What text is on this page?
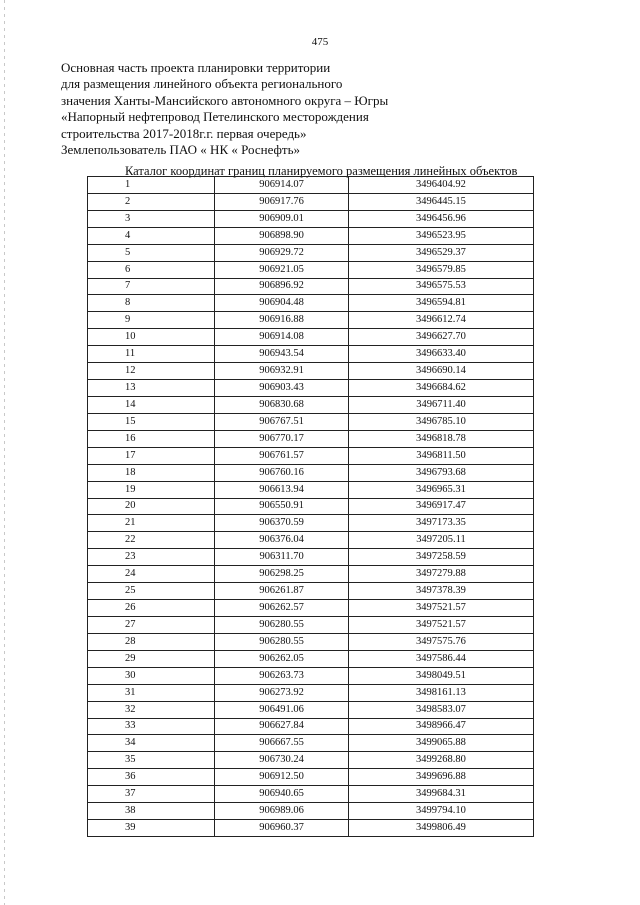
475
Основная часть проекта планировки территории
для размещения линейного объекта регионального
значения Ханты-Мансийского автономного округа – Югры
«Напорный нефтепровод Петелинского месторождения
строительства 2017-2018г.г. первая очередь»
Землепользователь ПАО « НК « Роснефть»
Каталог координат границ планируемого размещения линейных объектов
1	906914.07	3496404.92
2	906917.76	3496445.15
3	906909.01	3496456.96
4	906898.90	3496523.95
5	906929.72	3496529.37
6	906921.05	3496579.85
7	906896.92	3496575.53
8	906904.48	3496594.81
9	906916.88	3496612.74
10	906914.08	3496627.70
11	906943.54	3496633.40
12	906932.91	3496690.14
13	906903.43	3496684.62
14	906830.68	3496711.40
15	906767.51	3496785.10
16	906770.17	3496818.78
17	906761.57	3496811.50
18	906760.16	3496793.68
19	906613.94	3496965.31
20	906550.91	3496917.47
21	906370.59	3497173.35
22	906376.04	3497205.11
23	906311.70	3497258.59
24	906298.25	3497279.88
25	906261.87	3497378.39
26	906262.57	3497521.57
27	906280.55	3497521.57
28	906280.55	3497575.76
29	906262.05	3497586.44
30	906263.73	3498049.51
31	906273.92	3498161.13
32	906491.06	3498583.07
33	906627.84	3498966.47
34	906667.55	3499065.88
35	906730.24	3499268.80
36	906912.50	3499696.88
37	906940.65	3499684.31
38	906989.06	3499794.10
39	906960.37	3499806.49
